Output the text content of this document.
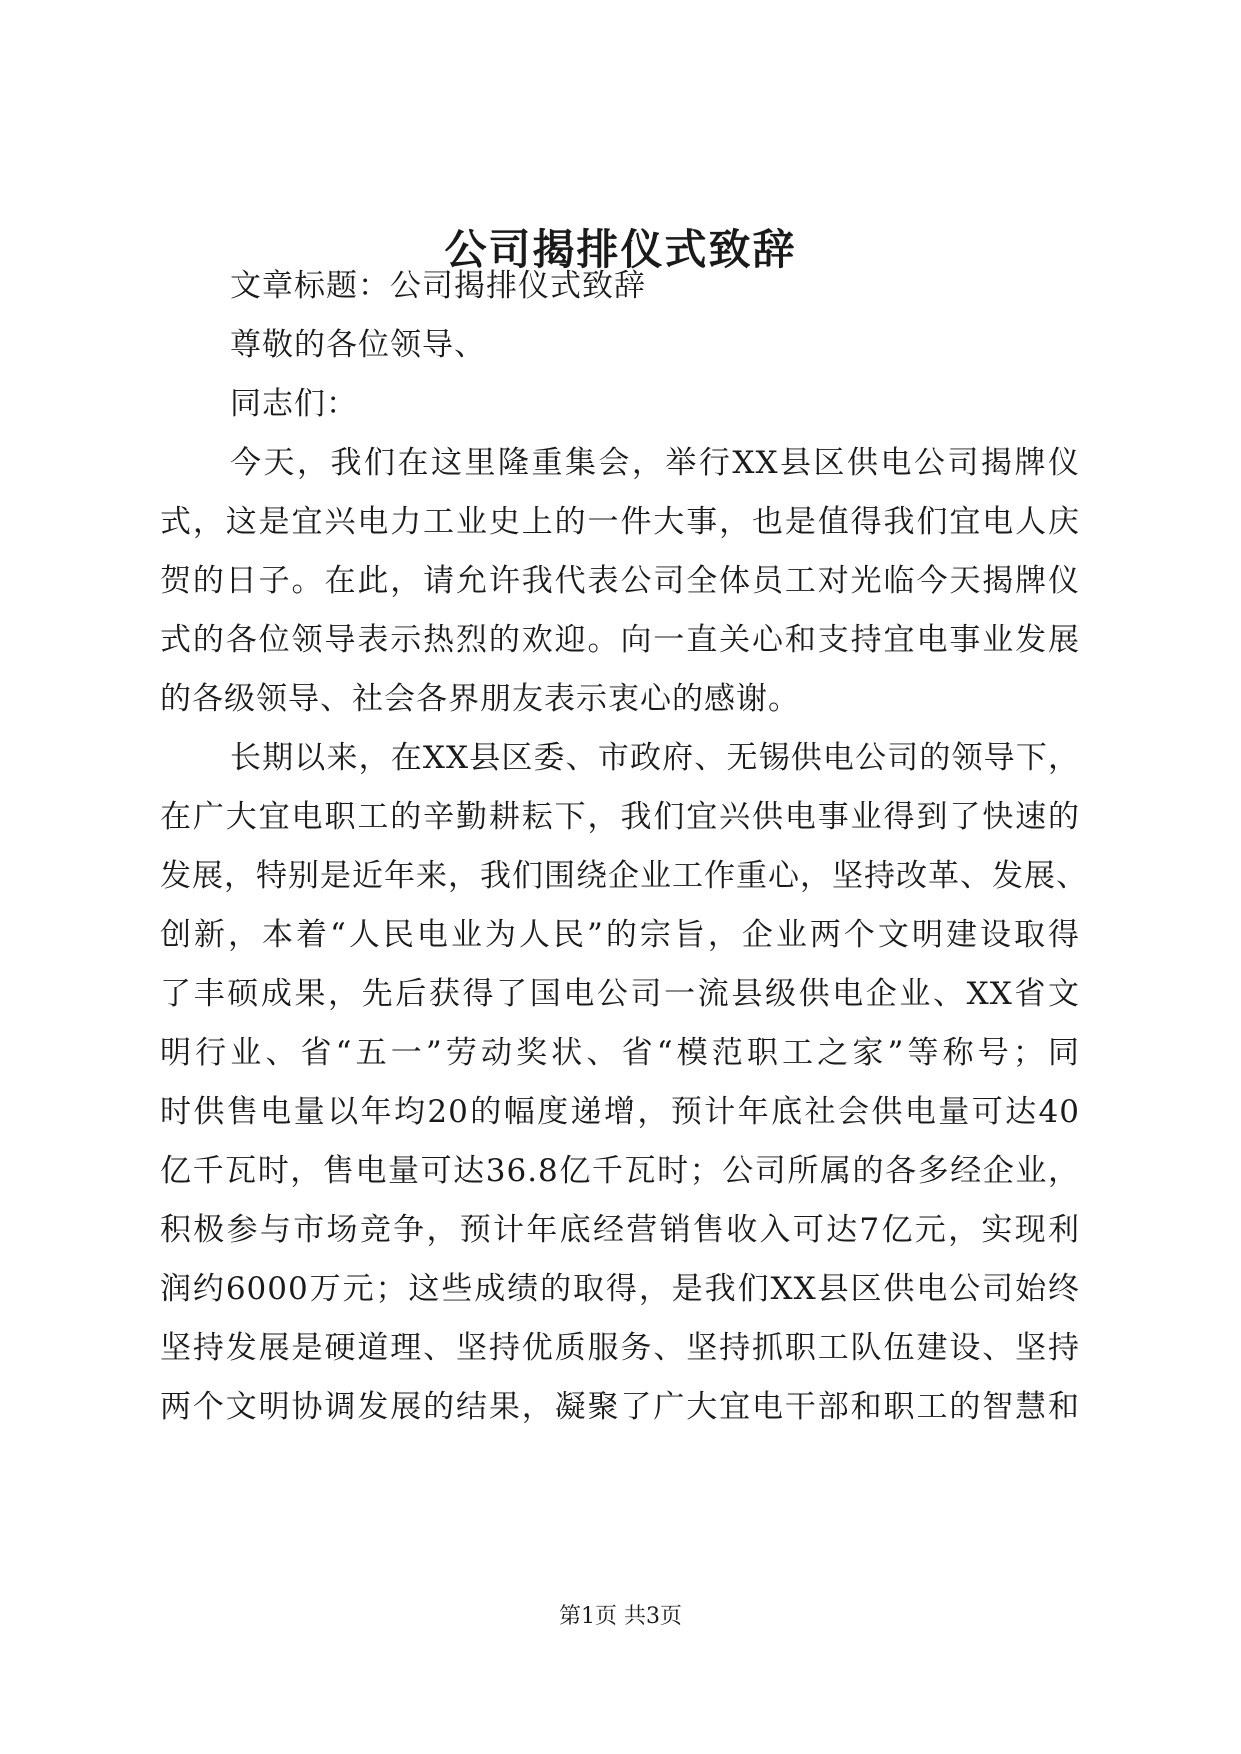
公司揭排仪式致辞
文章标题：公司揭排仪式致辞
尊敬的各位领导、
同志们：
今天，我们在这里隆重集会，举行XX县区供电公司揭牌仪
式，这是宜兴电力工业史上的一件大事，也是值得我们宜电人庆
贺的日子。在此，请允许我代表公司全体员工对光临今天揭牌仪
式的各位领导表示热烈的欢迎。向一直关心和支持宜电事业发展
的各级领导、社会各界朋友表示衷心的感谢。
长期以来，在XX县区委、市政府、无锡供电公司的领导下，
在广大宜电职工的辛勤耕耘下，我们宜兴供电事业得到了快速的
发展，特别是近年来，我们围绕企业工作重心，坚持改革、发展、
创新，本着“人民电业为人民”的宗旨，企业两个文明建设取得
了丰硕成果，先后获得了国电公司一流县级供电企业、XX省文
明行业、省“五一”劳动奖状、省“模范职工之家”等称号；同
时供售电量以年均20的幅度递增，预计年底社会供电量可达40
亿千瓦时，售电量可达36.8亿千瓦时；公司所属的各多经企业，
积极参与市场竞争，预计年底经营销售收入可达7亿元，实现利
润约6000万元；这些成绩的取得，是我们XX县区供电公司始终
坚持发展是硬道理、坚持优质服务、坚持抓职工队伍建设、坚持
两个文明协调发展的结果，凝聚了广大宜电干部和职工的智慧和
第1页 共3页
